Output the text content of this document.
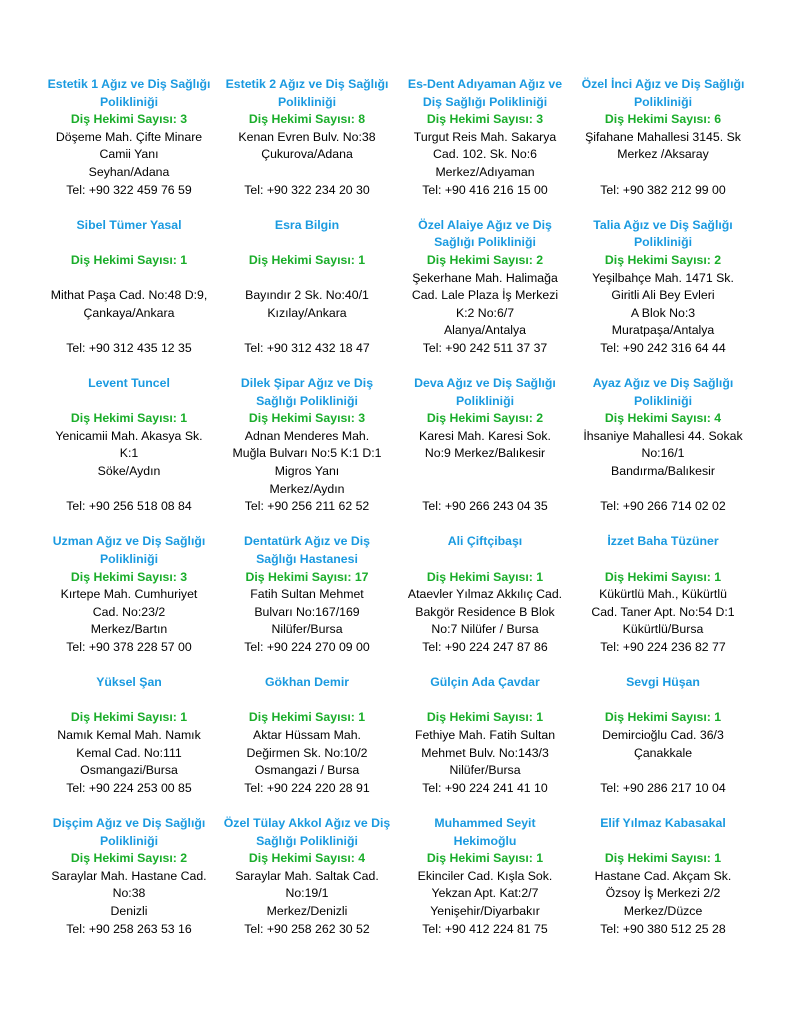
Estetik 1 Ağız ve Diş Sağlığı
Polikliniği
Diş Hekimi Sayısı: 3
Döşeme Mah. Çifte Minare
Camii Yanı
Seyhan/Adana
Tel: +90 322 459 76 59
Estetik 2 Ağız ve Diş Sağlığı
Polikliniği
Diş Hekimi Sayısı: 8
Kenan Evren Bulv. No:38
Çukurova/Adana
Tel: +90 322 234 20 30
Es-Dent Adıyaman Ağız ve
Diş Sağlığı Polikliniği
Diş Hekimi Sayısı: 3
Turgut Reis Mah. Sakarya
Cad. 102. Sk. No:6
Merkez/Adıyaman
Tel: +90 416 216 15 00
Özel İnci Ağız ve Diş Sağlığı
Polikliniği
Diş Hekimi Sayısı: 6
Şifahane Mahallesi 3145. Sk
Merkez /Aksaray
Tel: +90 382 212 99 00
Sibel Tümer Yasal
Diş Hekimi Sayısı: 1
Mithat Paşa Cad. No:48 D:9,
Çankaya/Ankara
Tel: +90 312 435 12 35
Esra Bilgin
Diş Hekimi Sayısı: 1
Bayındır 2 Sk. No:40/1
Kızılay/Ankara
Tel: +90 312 432 18 47
Özel Alaiye Ağız ve Diş
Sağlığı Polikliniği
Diş Hekimi Sayısı: 2
Şekerhane Mah. Halimağa
Cad. Lale Plaza İş Merkezi
K:2 No:6/7
Alanya/Antalya
Tel: +90 242 511 37 37
Talia Ağız ve Diş Sağlığı
Polikliniği
Diş Hekimi Sayısı: 2
Yeşilbahçe Mah. 1471 Sk.
Giritli Ali Bey Evleri
A Blok No:3
Muratpaşa/Antalya
Tel: +90 242 316 64 44
Levent Tuncel
Diş Hekimi Sayısı: 1
Yenicamii Mah. Akasya Sk.
K:1
Söke/Aydın
Tel: +90 256 518 08 84
Dilek Şipar Ağız ve Diş
Sağlığı Polikliniği
Diş Hekimi Sayısı: 3
Adnan Menderes Mah.
Muğla Bulvarı No:5 K:1 D:1
Migros Yanı
Merkez/Aydın
Tel: +90 256 211 62 52
Deva Ağız ve Diş Sağlığı
Polikliniği
Diş Hekimi Sayısı: 2
Karesi Mah. Karesi Sok.
No:9 Merkez/Balıkesir
Tel: +90 266 243 04 35
Ayaz Ağız ve Diş Sağlığı
Polikliniği
Diş Hekimi Sayısı: 4
İhsaniye Mahallesi 44. Sokak
No:16/1
Bandırma/Balıkesir
Tel: +90 266 714 02 02
Uzman Ağız ve Diş Sağlığı
Polikliniği
Diş Hekimi Sayısı: 3
Kırtepe Mah. Cumhuriyet
Cad. No:23/2
Merkez/Bartın
Tel: +90 378 228 57 00
Dentatürk Ağız ve Diş
Sağlığı Hastanesi
Diş Hekimi Sayısı: 17
Fatih Sultan Mehmet
Bulvarı No:167/169
Nilüfer/Bursa
Tel: +90 224 270 09 00
Ali Çiftçibaşı
Diş Hekimi Sayısı: 1
Ataevler Yılmaz Akkılıç Cad.
Bakgör Residence B Blok
No:7 Nilüfer / Bursa
Tel: +90 224 247 87 86
İzzet Baha Tüzüner
Diş Hekimi Sayısı: 1
Kükürtlü Mah., Kükürtlü
Cad. Taner Apt. No:54 D:1
Kükürtlü/Bursa
Tel: +90 224 236 82 77
Yüksel Şan
Diş Hekimi Sayısı: 1
Namık Kemal Mah. Namık
Kemal Cad. No:111
Osmangazi/Bursa
Tel: +90 224 253 00 85
Gökhan Demir
Diş Hekimi Sayısı: 1
Aktar Hüssam Mah.
Değirmen Sk. No:10/2
Osmangazi / Bursa
Tel: +90 224 220 28 91
Gülçin Ada Çavdar
Diş Hekimi Sayısı: 1
Fethiye Mah. Fatih Sultan
Mehmet Bulv. No:143/3
Nilüfer/Bursa
Tel: +90 224 241 41 10
Sevgi Hüşan
Diş Hekimi Sayısı: 1
Demircioğlu Cad. 36/3
Çanakkale
Tel: +90 286 217 10 04
Dişçim Ağız ve Diş Sağlığı
Polikliniği
Diş Hekimi Sayısı: 2
Saraylar Mah. Hastane Cad.
No:38
Denizli
Tel: +90 258 263 53 16
Özel Tülay Akkol Ağız ve Diş
Sağlığı Polikliniği
Diş Hekimi Sayısı: 4
Saraylar Mah. Saltak Cad.
No:19/1
Merkez/Denizli
Tel: +90 258 262 30 52
Muhammed Seyit
Hekimoğlu
Diş Hekimi Sayısı: 1
Ekinciler Cad. Kışla Sok.
Yekzan Apt. Kat:2/7
Yenişehir/Diyarbakır
Tel: +90 412 224 81 75
Elif Yılmaz Kabasakal
Diş Hekimi Sayısı: 1
Hastane Cad. Akçam Sk.
Özsoy İş Merkezi 2/2
Merkez/Düzce
Tel: +90 380 512 25 28
